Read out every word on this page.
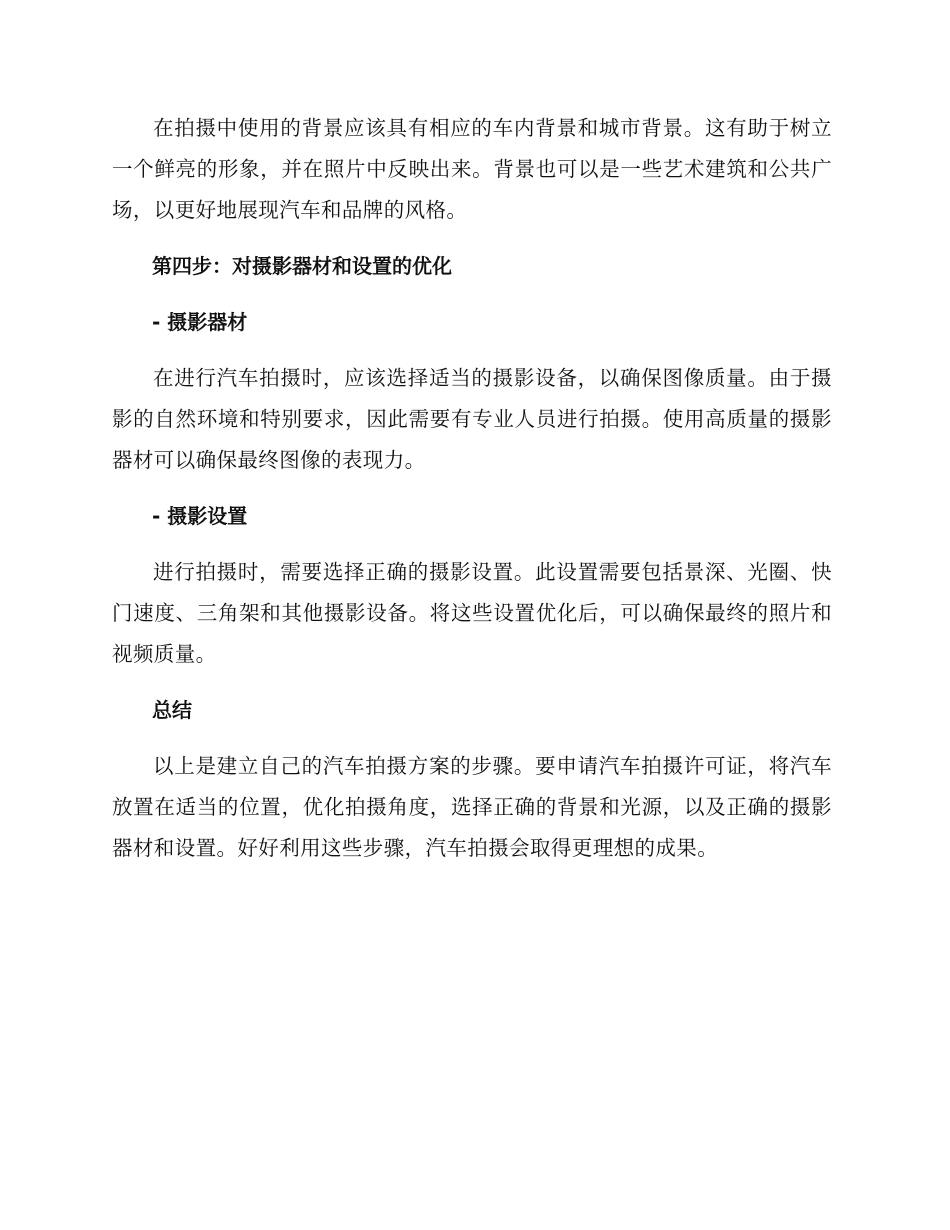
在拍摄中使用的背景应该具有相应的车内背景和城市背景。这有助于树立一个鲜亮的形象，并在照片中反映出来。背景也可以是一些艺术建筑和公共广场，以更好地展现汽车和品牌的风格。

第四步：对摄影器材和设置的优化

- 摄影器材

在进行汽车拍摄时，应该选择适当的摄影设备，以确保图像质量。由于摄影的自然环境和特别要求，因此需要有专业人员进行拍摄。使用高质量的摄影器材可以确保最终图像的表现力。

- 摄影设置

进行拍摄时，需要选择正确的摄影设置。此设置需要包括景深、光圈、快门速度、三角架和其他摄影设备。将这些设置优化后，可以确保最终的照片和视频质量。

总结

以上是建立自己的汽车拍摄方案的步骤。要申请汽车拍摄许可证，将汽车放置在适当的位置，优化拍摄角度，选择正确的背景和光源，以及正确的摄影器材和设置。好好利用这些步骤，汽车拍摄会取得更理想的成果。
